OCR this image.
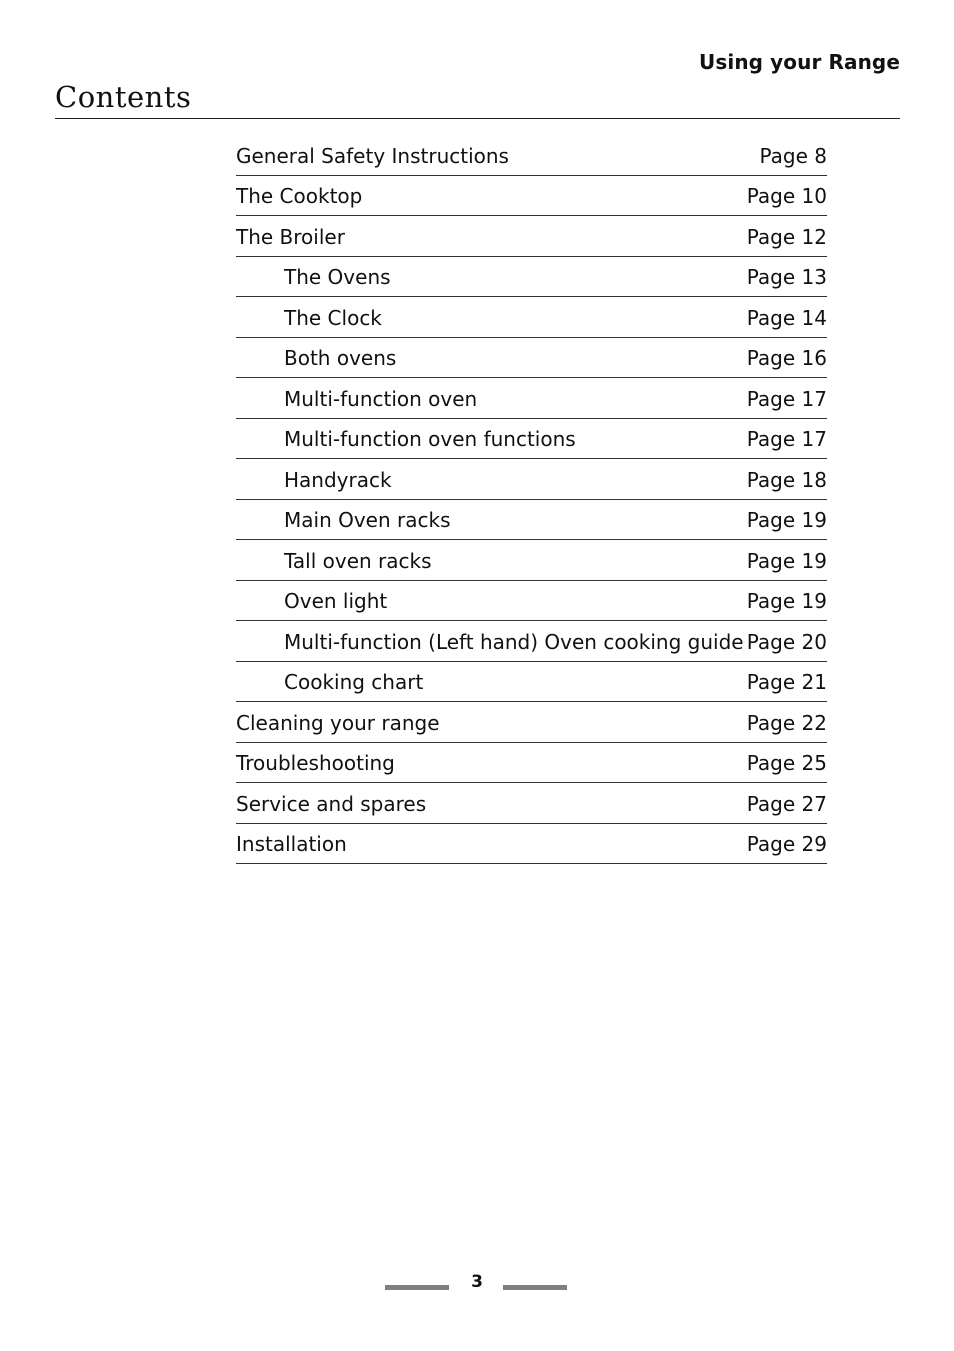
Using your Range
Contents
General Safety Instructions	Page 8
The Cooktop	Page 10
The Broiler	Page 12
The Ovens	Page 13
The Clock	Page 14
Both ovens	Page 16
Multi-function oven	Page 17
Multi-function oven functions	Page 17
Handyrack	Page 18
Main Oven racks	Page 19
Tall oven racks	Page 19
Oven light	Page 19
Multi-function (Left hand) Oven cooking guide Page 20
Cooking chart	Page 21
Cleaning your range	Page 22
Troubleshooting	Page 25
Service and spares	Page 27
Installation	Page 29
3
